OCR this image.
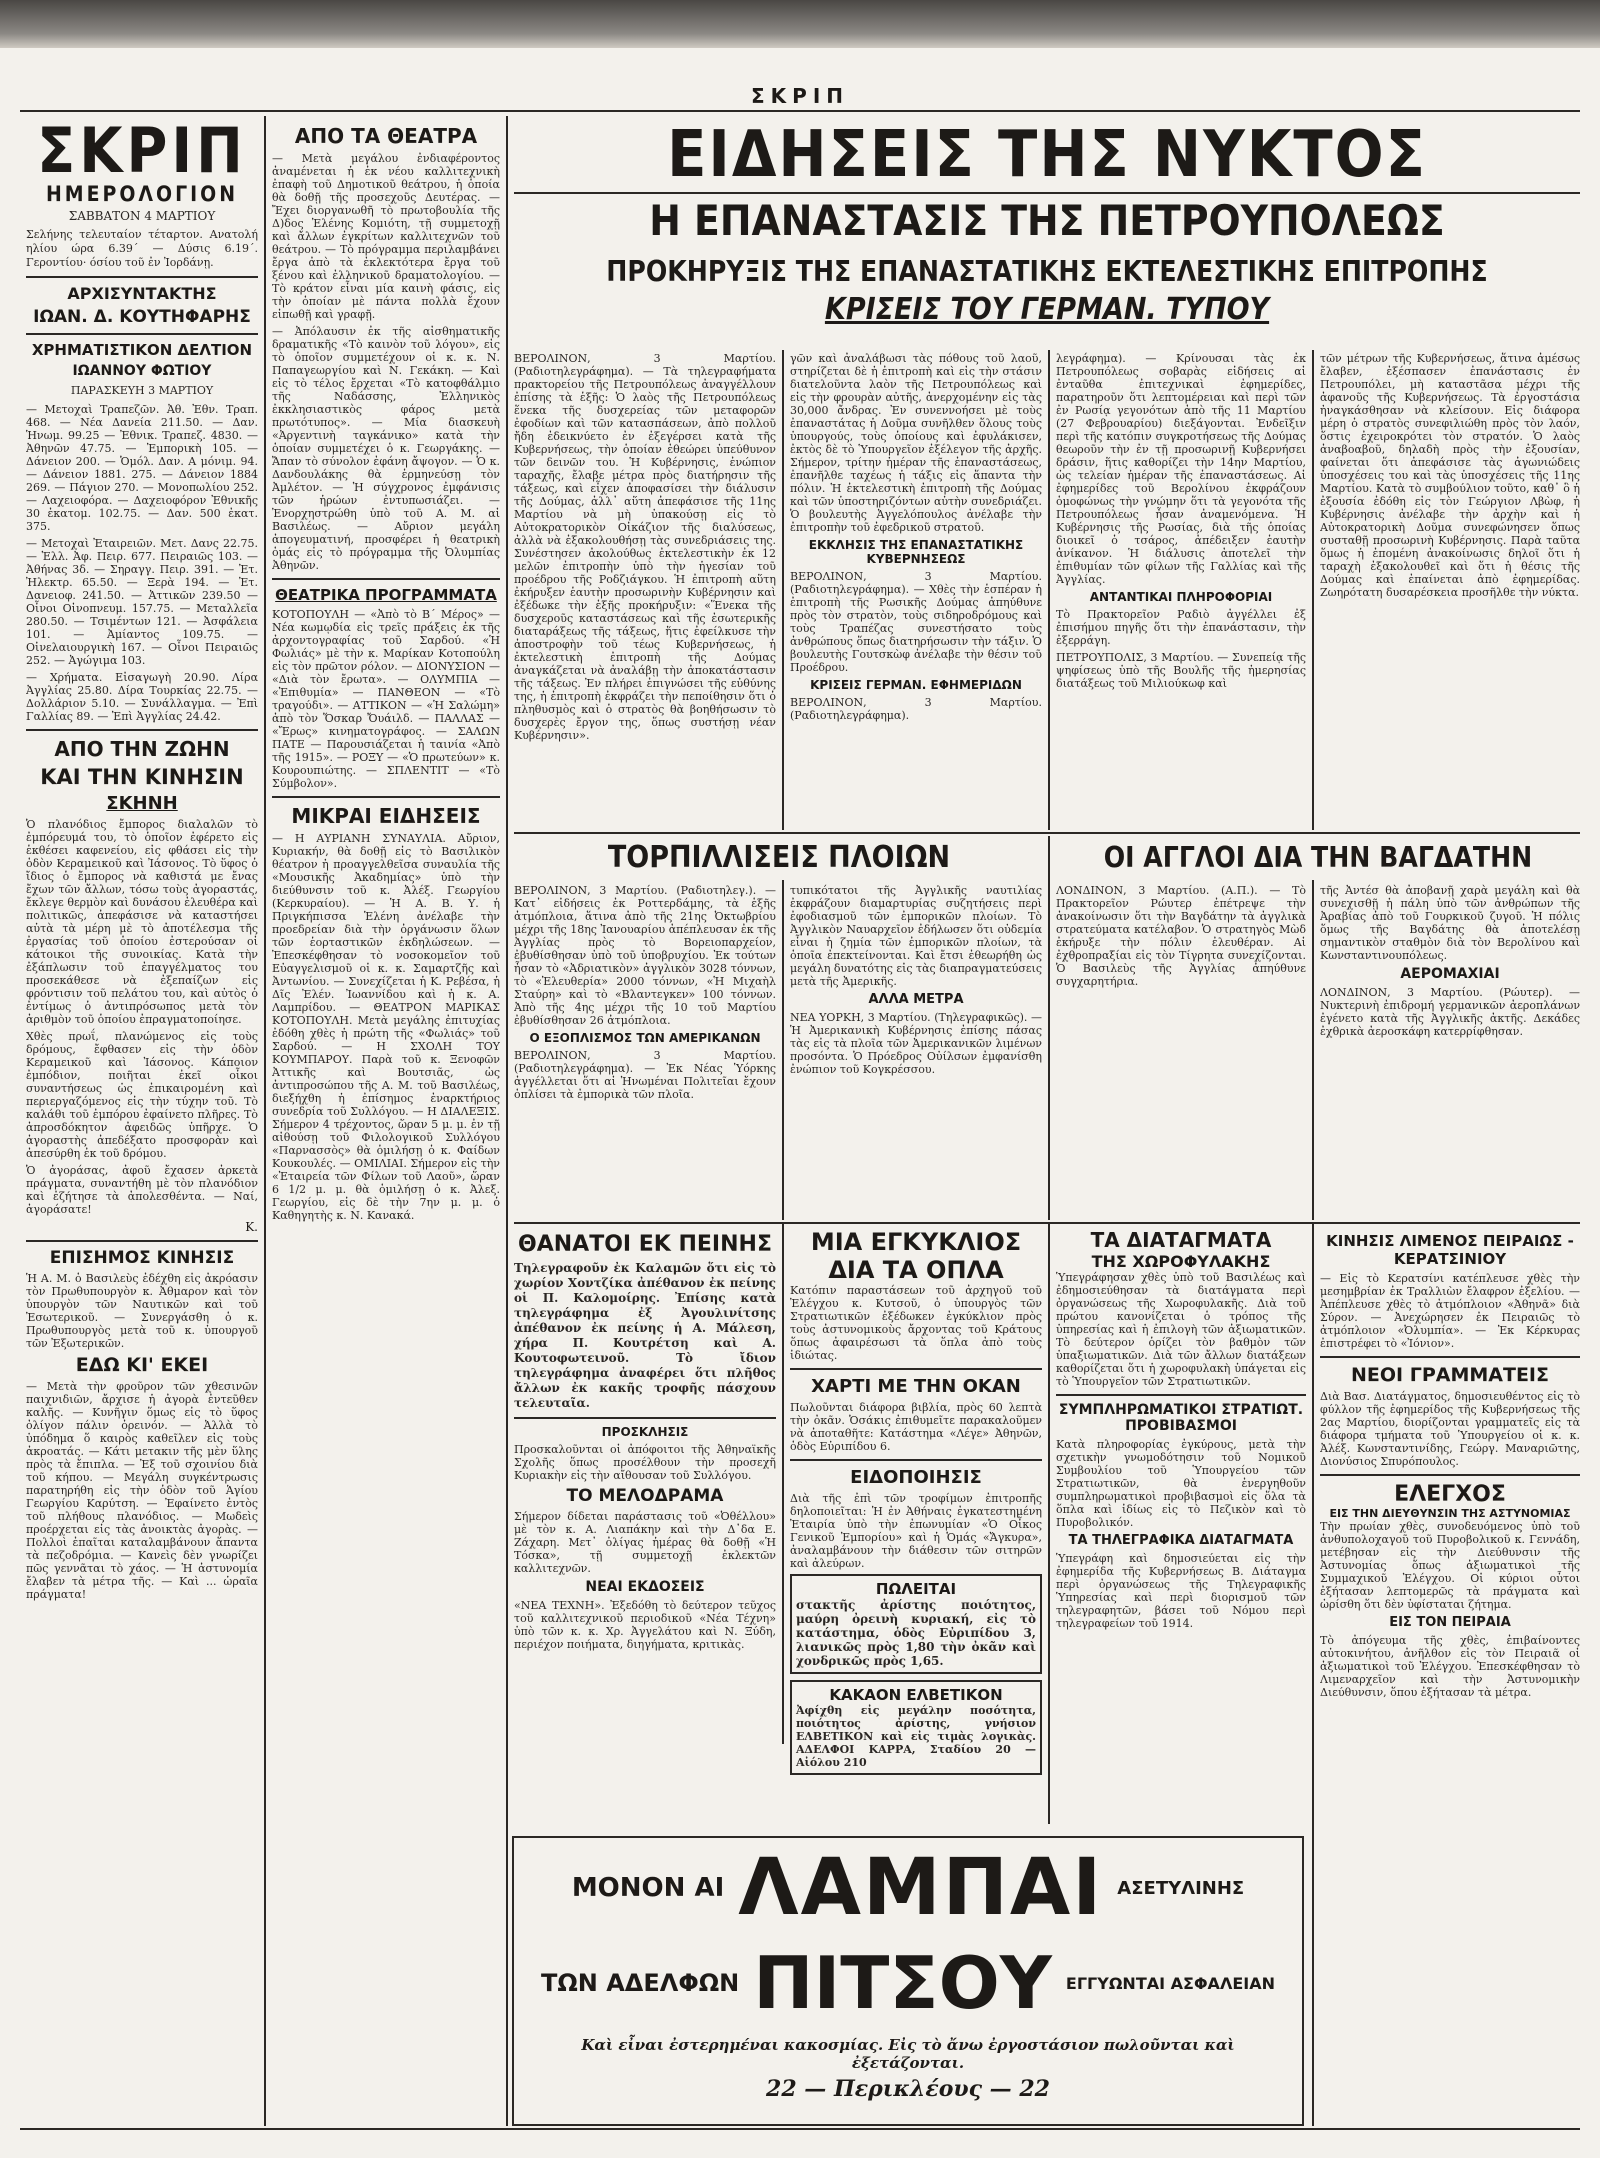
ΣΚΡΙΠ
ΣΚΡΙΠ
ΗΜΕΡΟΛΟΓΙΟΝ
ΣΑΒΒΑΤΟΝ 4 ΜΑΡΤΙΟΥ

Σελήνης τελευταίον τέταρτον. Ανατολή ηλίου ώρα 6.39΄ — Δύσις 6.19΄. Γεροντίου· όσίου τοῦ ἐν Ἰορδάνῃ.

ΑΡΧΙΣΥΝΤΑΚΤΗΣ
ΙΩΑΝ. Δ. ΚΟΥΤΗΦΑΡΗΣ
ΧΡΗΜΑΤΙΣΤΙΚΟΝ ΔΕΛΤΙΟΝ
ΙΩΑΝΝΟΥ ΦΩΤΙΟΥ
ΠΑΡΑΣΚΕΥΗ 3 ΜΑΡΤΙΟΥ

— Μετοχαὶ Τραπεζῶν. Ἀθ. Ἐθν. Τραπ. 468. — Νέα Δανεία 211.50. — Δαν. Ἡνωμ. 99.25 — Ἐθνικ. Τραπεζ. 4830. — Ἀθηνῶν 47.75. — Ἐμπορικὴ 105. — Δάνειον 200. — Ὁμόλ. Δαν. Α μόνιμ. 94. — Δάνειον 1881. 275. — Δάνειον 1884 269. — Πάγιον 270. — Μονοπωλίου 252. — Λαχειοφόρα. — Δαχειοφόρον Ἐθνικῆς 30 ἐκατομ. 102.75. — Δαν. 500 ἐκατ. 375.

— Μετοχαὶ Ἐταιρειῶν. Μετ. Δανς 22.75. — Ἑλλ. Ἀφ. Πειρ. 677. Πειραιῶς 103. — Ἀθήνας 3δ. — Σηραγγ. Πειρ. 391. — Ἐτ. Ἠλεκτρ. 65.50. — Ξερὰ 194. — Ἐτ. Δανειοφ. 241.50. — Ἀττικῶν 239.50 — Οἶνοι Οἰνοπνευμ. 157.75. — Μεταλλεῖα 280.50. — Τσιμέντων 121. — Ἀσφάλεια 101. — Ἀμίαντος 109.75. — Οἰνελαιουργικὴ 167. — Οἶνοι Πειραιῶς 252. — Ἀγώγιμα 103.

— Χρήματα. Εἰσαγωγὴ 20.90. Λίρα Ἀγγλίας 25.80. Δίρα Τουρκίας 22.75. — Δολλάριον 5.10. — Συνάλλαγμα. — Ἐπὶ Γαλλίας 89. — Ἐπὶ Ἀγγλίας 24.42.

ΑΠΟ ΤΗΝ ΖΩΗΝ
ΚΑΙ ΤΗΝ ΚΙΝΗΣΙΝ
ΣΚΗΝΗ

Ὁ πλανόδιος ἔμπορος διαλαλῶν τὸ ἐμπόρευμά του, τὸ ὁποῖον ἐφέρετο εἰς ἑκθέσει καφενείου, εἰς φθάσει εἰς τὴν ὁδὸν Κεραμεικοῦ καὶ Ἰάσονος. Τὸ ὕφος ὁ ἴδιος ὁ ἔμπορος νὰ καθιστά με ἔνας ἔχων τῶν ἄλλων, τόσω τοὺς ἀγοραστάς, ἔκλεγε θερμὸν καὶ δυνάσου ἐλευθέρα καὶ πολιτικῶς, ἀπεφάσισε νὰ καταστήσει αὐτὰ τὰ μέρη μὲ τὸ ἀποτέλεσμα τῆς ἐργασίας τοῦ ὁποίου ἐστερούσαν οἱ κάτοικοι τῆς συνοικίας. Κατὰ τὴν ἐξάπλωσιν τοῦ ἐπαγγέλματος του προσεκάθεσε νὰ ἐξεπαίζων εἰς φρόντισιν τοῦ πελάτου του, καὶ αὐτὸς ὁ ἐντίμως ὁ ἀντιπρόσωπος μετὰ τὸν ἀριθμὸν τοῦ ὁποίου ἐπραγματοποίησε.

Χθὲς πρωΐ, πλανώμενος εἰς τοὺς δρόμους, ἔφθασεν εἰς τὴν ὁδὸν Κεραμεικοῦ καὶ Ἰάσονος. Κάποιον ἐμπόδιον, ποιῆται ἐκεῖ οἶκοι συναντήσεως ὡς ἐπικαιρομένη καὶ περιεργαζόμενος εἰς τὴν τύχην τοῦ. Τὸ καλάθι τοῦ ἐμπόρου ἐφαίνετο πλῆρες. Τὸ ἀπροσδόκητον ἀφειδῶς ὑπῆρχε. Ὁ ἀγοραστὴς ἀπεδέξατο προσφορὰν καὶ ἀπεσύρθη ἐκ τοῦ δρόμου.

Ὁ ἀγοράσας, ἀφοῦ ἔχασεν ἀρκετὰ πράγματα, συναντήθη μὲ τὸν πλανόδιον καὶ ἐζήτησε τὰ ἀπολεσθέντα. — Ναί, ἀγοράσατε!

Κ.
ΕΠΙΣΗΜΟΣ ΚΙΝΗΣΙΣ

Ἡ Α. Μ. ὁ Βασιλεὺς ἐδέχθη εἰς ἀκρόασιν τὸν Πρωθυπουργὸν κ. Ἀθμαρον καὶ τὸν ὑπουργὸν τῶν Ναυτικῶν καὶ τοῦ Ἐσωτερικοῦ. — Συνεργάσθη ὁ κ. Πρωθυπουργὸς μετὰ τοῦ κ. ὑπουργοῦ τῶν Ἐξωτερικῶν.

ΕΔΩ ΚΙ' ΕΚΕΙ

— Μετὰ τὴν φροῦρον τῶν χθεσινῶν παιχνιδιῶν, ἄρχισε ἡ ἀγορὰ ἐντεῦθεν καλῆς. — Κυνῆγιν ὅμως εἰς τὸ ὕφος ὀλίγον πάλιν ὀρεινόν. — Ἀλλὰ τὸ ὑπόδημα ὅ καιρὸς καθεῖλεν εἰς τοὺς ἀκροατάς. — Κάτι μετακιν τῆς μὲν ὕλης πρὸς τὰ ἔπιπλα. — Ἐξ τοῦ σχοινίου διὰ τοῦ κήπου. — Μεγάλη συγκέντρωσις παρατηρήθη εἰς τὴν ὁδὸν τοῦ Ἁγίου Γεωργίου Καρύτση. — Ἐφαίνετο ἐντὸς τοῦ πλήθους πλανόδιος. — Μωδεὶς προέρχεται εἰς τὰς ἀνοικτὰς ἀγορὰς. — Πολλοὶ ἐπαῖται καταλαμβάνουν ἅπαντα τὰ πεζοδρόμια. — Κανεὶς δὲν γνωρίζει πῶς γεννᾶται τὸ χάος. — Ἡ ἀστυνομία ἔλαβεν τὰ μέτρα τῆς. — Καὶ ... ὡραῖα πράγματα!

ΑΠΟ ΤΑ ΘΕΑΤΡΑ

— Μετὰ μεγάλου ἐνδιαφέροντος ἀναμένεται ἡ ἐκ νέου καλλιτεχνικὴ ἐπαφὴ τοῦ Δημοτικοῦ θεάτρου, ἡ ὁποία θὰ δοθῇ τῆς προσεχοῦς Δευτέρας. — Ἔχει διοργανωθῆ τὸ πρωτοβουλία τῆς Δ)δος Ἐλένης Κομιότη, τῇ συμμετοχῇ καὶ ἄλλων ἐγκρίτων καλλιτεχνῶν τοῦ θεάτρου. — Τὸ πρόγραμμα περιλαμβάνει ἔργα ἀπὸ τὰ ἐκλεκτότερα ἔργα τοῦ ξένου καὶ ἐλληνικοῦ δραματολογίου. — Τὸ κράτον εἶναι μία καινὴ φάσις, εἰς τὴν ὁποίαν μὲ πάντα πολλὰ ἔχουν εἰπωθῇ καὶ γραφῇ.

— Ἀπόλαυσιν ἐκ τῆς αἰσθηματικῆς δραματικῆς «Τὸ καινὸν τοῦ λόγου», εἰς τὸ ὁποῖον συμμετέχουν οἱ κ. κ. Ν. Παπαγεωργίου καὶ Ν. Γεκάκη. — Καὶ εἰς τὸ τέλος ἔρχεται «Τὸ κατοφθάλμιο τῆς Ναδάσσης, Ἑλληνικὸς ἐκκλησιαστικὸς φάρος μετὰ πρωτότυπος». — Μία διασκευὴ «Ἀργεντινὴ ταγκάνικο» κατὰ τὴν ὁποίαν συμμετέχει ὁ κ. Γεωργάκης. — Ἄπαν τὸ σύνολον ἐφάνη ἄψογον. — Ὁ κ. Δανδουλάκης θὰ ἑρμηνεύσῃ τὸν Ἀμλέτον. — Ἡ σύγχρονος ἐμφάνισις τῶν ἡρώων ἐντυπωσιάζει. — Ἐνορχηστρώθη ὑπὸ τοῦ Α. Μ. αἱ Βασιλέως. — Αὔριον μεγάλη ἀπογευματινή, προσφέρει ἡ θεατρικὴ ὁμάς εἰς τὸ πρόγραμμα τῆς Ὀλυμπίας Ἀθηνῶν.

ΘΕΑΤΡΙΚΑ ΠΡΟΓΡΑΜΜΑΤΑ

ΚΟΤΟΠΟΥΛΗ — «Ἀπὸ τὸ Β΄ Μέρος» — Νέα κωμῳδία εἰς τρεῖς πράξεις ἐκ τῆς ἀρχοντογραφίας τοῦ Σαρδού. «Ἡ Φωλιάς» μὲ τὴν κ. Μαρίκαν Κοτοπούλη εἰς τὸν πρῶτον ρόλον. — ΔΙΟΝΥΣΙΟΝ — «Διὰ τὸν ἔρωτα». — ΟΛΥΜΠΙΑ — «Ἐπιθυμία» — ΠΑΝΘΕΟΝ — «Τὸ τραγούδι». — ΑΤΤΙΚΟΝ — «Ἡ Σαλώμη» ἀπὸ τὸν Ὅσκαρ Ὄυάιλδ. — ΠΑΛΛΑΣ — «Ἔρως» κινηματογράφος. — ΣΑΛΩΝ ΠΑΤΕ — Παρουσιάζεται ἡ ταινία «Ἀπὸ τῆς 1915». — ΡΟΞΥ — «Ὁ πρωτεύων» κ. Κουρουπιώτης. — ΣΠΛΕΝΤΙΤ — «Τὸ Σύμβολον».

ΜΙΚΡΑΙ ΕΙΔΗΣΕΙΣ

— Η ΑΥΡΙΑΝΗ ΣΥΝΑΥΛΙΑ. Αὔριον, Κυριακήν, θὰ δοθῇ εἰς τὸ Βασιλικὸν θέατρον ἡ προαγγελθεῖσα συναυλία τῆς «Μουσικῆς Ἀκαδημίας» ὑπὸ τὴν διεύθυνσιν τοῦ κ. Ἀλέξ. Γεωργίου (Κερκυραίου). — Ἡ Α. Β. Υ. ἡ Πριγκήπισσα Ἑλένη ἀνέλαβε τὴν προεδρείαν διὰ τὴν ὀργάνωσιν ὅλων τῶν ἑορταστικῶν ἐκδηλώσεων. — Ἐπεσκέφθησαν τὸ νοσοκομεῖον τοῦ Εὐαγγελισμοῦ οἱ κ. κ. Σαμαρτζῆς καὶ Ἀντωνίου. — Συνεχίζεται ἡ Κ. Ρεβέσα, ἡ Δῖς Ἐλέν. Ἰωαννίδου καὶ ἡ κ. Α. Λαμπρίδου. — ΘΕΑΤΡΟΝ ΜΑΡΙΚΑΣ ΚΟΤΟΠΟΥΛΗ. Μετὰ μεγάλης ἐπιτυχίας ἐδόθη χθὲς ἡ πρώτη τῆς «Φωλιάς» τοῦ Σαρδού. — Η ΣΧΟΛΗ ΤΟΥ ΚΟΥΜΠΑΡΟΥ. Παρὰ τοῦ κ. Ξενοφῶν Ἀττικῆς καὶ Βουτσιᾶς, ὡς ἀντιπροσώπου τῆς Α. Μ. τοῦ Βασιλέως, διεξήχθη ἡ ἐπίσημος ἐναρκτήριος συνεδρία τοῦ Συλλόγου. — Η ΔΙΑΛΕΞΙΣ. Σήμερον 4 τρέχοντος, ὥραν 5 μ. μ. ἐν τῇ αἰθούσῃ τοῦ Φιλολογικοῦ Συλλόγου «Παρνασσὸς» θὰ ὁμιλήσῃ ὁ κ. Φαίδων Κουκουλές. — ΟΜΙΛΙΑΙ. Σήμερον εἰς τὴν «Ἑταιρεία τῶν Φίλων τοῦ Λαοῦ», ὥραν 6 1/2 μ. μ. θὰ ὁμιλήσῃ ὁ κ. Ἀλεξ. Γεωργίου, εἰς δὲ τὴν 7ην μ. μ. ὁ Καθηγητὴς κ. Ν. Κανακά.

ΕΙΔΗΣΕΙΣ ΤΗΣ ΝΥΚΤΟΣ
Η ΕΠΑΝΑΣΤΑΣΙΣ ΤΗΣ ΠΕΤΡΟΥΠΟΛΕΩΣ
ΠΡΟΚΗΡΥΞΙΣ ΤΗΣ ΕΠΑΝΑΣΤΑΤΙΚΗΣ ΕΚΤΕΛΕΣΤΙΚΗΣ ΕΠΙΤΡΟΠΗΣ
ΚΡΙΣΕΙΣ ΤΟΥ ΓΕΡΜΑΝ. ΤΥΠΟΥ

ΒΕΡΟΛΙΝΟΝ, 3 Μαρτίου. (Ραδιοτηλεγράφημα). — Τὰ τηλεγραφήματα πρακτορείου τῆς Πετρουπόλεως ἀναγγέλλουν ἐπίσης τὰ ἑξῆς: Ὁ λαὸς τῆς Πετρουπόλεως ἕνεκα τῆς δυσχερείας τῶν μεταφορῶν ἐφοδίων καὶ τῶν κατασπάσεων, ἀπὸ πολλοῦ ἤδη ἐδεικνύετο ἐν ἐξεγέρσει κατὰ τῆς Κυβερνήσεως, τὴν ὁποίαν ἐθεώρει ὑπεύθυνον τῶν δεινῶν του. Ἡ Κυβέρνησις, ἐνώπιον ταραχῆς, ἔλαβε μέτρα πρὸς διατήρησιν τῆς τάξεως, καὶ εἶχεν ἀποφασίσει τὴν διάλυσιν τῆς Δούμας, ἀλλ᾿ αὕτη ἀπεφάσισε τῆς 11ης Μαρτίου νὰ μὴ ὑπακούσῃ εἰς τὸ Αὐτοκρατορικὸν Οἰκάζιον τῆς διαλύσεως, ἀλλὰ νὰ ἐξακολουθήσῃ τὰς συνεδριάσεις της. Συνέστησεν ἀκολούθως ἐκτελεστικὴν ἐκ 12 μελῶν ἐπιτροπὴν ὑπὸ τὴν ἡγεσίαν τοῦ προέδρου τῆς Ροδζιάγκου. Ἡ ἐπιτροπὴ αὕτη ἐκήρυξεν ἑαυτὴν προσωρινὴν Κυβέρνησιν καὶ ἐξέδωκε τὴν ἑξῆς προκήρυξιν: «Ἕνεκα τῆς δυσχεροῦς καταστάσεως καὶ τῆς ἐσωτερικῆς διαταράξεως τῆς τάξεως, ἥτις ἐφείλκυσε τὴν ἀποστροφὴν τοῦ τέως Κυβερνήσεως, ἡ ἐκτελεστικὴ ἐπιτροπὴ τῆς Δούμας ἀναγκάζεται νὰ ἀναλάβῃ τὴν ἀποκατάστασιν τῆς τάξεως. Ἐν πλήρει ἐπιγνώσει τῆς εὐθύνης της, ἡ ἐπιτροπὴ ἐκφράζει τὴν πεποίθησιν ὅτι ὁ πληθυσμὸς καὶ ὁ στρατὸς θὰ βοηθήσωσιν τὸ δυσχερὲς ἔργον της, ὅπως συστήσῃ νέαν Κυβέρνησιν».

γῶν καὶ ἀναλάβωσι τὰς πόθους τοῦ λαοῦ, στηρίζεται δὲ ἡ ἐπιτροπὴ καὶ εἰς τὴν στάσιν διατελοῦντα λαὸν τῆς Πετρουπόλεως καὶ εἰς τὴν φρουρὰν αὐτῆς, ἀνερχομένην εἰς τὰς 30,000 ἄνδρας. Ἐν συνεννοήσει μὲ τοὺς ἐπαναστάτας ἡ Δοῦμα συνῆλθεν ὅλους τοὺς ὑπουργούς, τοὺς ὁποίους καὶ ἐφυλάκισεν, ἐκτὸς δὲ τὸ Ὑπουργεῖον ἐξέλεγον τῆς ἀρχῆς. Σήμερον, τρίτην ἡμέραν τῆς ἐπαναστάσεως, ἐπανῆλθε ταχέως ἡ τάξις εἰς ἅπαντα τὴν πόλιν. Ἡ ἐκτελεστικὴ ἐπιτροπὴ τῆς Δούμας καὶ τῶν ὑποστηριζόντων αὐτὴν συνεδριάζει. Ὁ βουλευτὴς Ἀγγελόπουλος ἀνέλαβε τὴν ἐπιτροπὴν τοῦ ἐφεδρικοῦ στρατοῦ.

ΕΚΚΛΗΣΙΣ ΤΗΣ ΕΠΑΝΑΣΤΑΤΙΚΗΣ ΚΥΒΕΡΝΗΣΕΩΣ

ΒΕΡΟΛΙΝΟΝ, 3 Μαρτίου. (Ραδιοτηλεγράφημα). — Χθὲς τὴν ἑσπέραν ἡ ἐπιτροπὴ τῆς Ρωσικῆς Δούμας ἀπηύθυνε πρὸς τὸν στρατὸν, τοὺς σιδηροδρόμους καὶ τοὺς Τραπέζας συνεστήσατο τοὺς ἀνθρώπους ὅπως διατηρήσωσιν τὴν τάξιν. Ὁ βουλευτὴς Γουτσκὼφ ἀνέλαβε τὴν θέσιν τοῦ Προέδρου.

ΚΡΙΣΕΙΣ ΓΕΡΜΑΝ. ΕΦΗΜΕΡΙΔΩΝ

ΒΕΡΟΛΙΝΟΝ, 3 Μαρτίου. (Ραδιοτηλεγράφημα).

λεγράφημα). — Κρίνουσαι τὰς ἐκ Πετρουπόλεως σοβαρὰς εἰδήσεις αἱ ἐνταῦθα ἐπιτεχνικαὶ ἐφημερίδες, παρατηροῦν ὅτι λεπτομέρειαι καὶ περὶ τῶν ἐν Ρωσίᾳ γεγονότων ἀπὸ τῆς 11 Μαρτίου (27 Φεβρουαρίου) διεξάγονται. Ἐνδεῖξιν περὶ τῆς κατόπιν συγκροτήσεως τῆς Δούμας θεωροῦν τὴν ἐν τῇ προσωρινῇ Κυβερνήσει δράσιν, ἥτις καθορίζει τὴν 14ην Μαρτίου, ὡς τελείαν ἡμέραν τῆς ἐπαναστάσεως. Αἱ ἐφημερίδες τοῦ Βερολίνου ἐκφράζουν ὁμοφώνως τὴν γνώμην ὅτι τὰ γεγονότα τῆς Πετρουπόλεως ἦσαν ἀναμενόμενα. Ἡ Κυβέρνησις τῆς Ρωσίας, διὰ τῆς ὁποίας διοικεῖ ὁ τσάρος, ἀπέδειξεν ἑαυτὴν ἀνίκανον. Ἡ διάλυσις ἀποτελεῖ τὴν ἐπιθυμίαν τῶν φίλων τῆς Γαλλίας καὶ τῆς Ἀγγλίας.

ΑΝΤΑΝΤΙΚΑΙ ΠΛΗΡΟΦΟΡΙΑΙ

Τὸ Πρακτορεῖον Ραδιὸ ἀγγέλλει ἐξ ἐπισήμου πηγῆς ὅτι τὴν ἐπανάστασιν, τὴν ἐξερράγη.

ΠΕΤΡΟΥΠΟΛΙΣ, 3 Μαρτίου. — Συνεπείᾳ τῆς ψηφίσεως ὑπὸ τῆς Βουλῆς τῆς ἡμερησίας διατάξεως τοῦ Μιλιούκωφ καὶ

τῶν μέτρων τῆς Κυβερνήσεως, ἅτινα ἀμέσως ἔλαβεν, ἐξέσπασεν ἐπανάστασις ἐν Πετρουπόλει, μὴ καταστᾶσα μέχρι τῆς ἀφανοῦς τῆς Κυβερνήσεως. Τὰ ἐργοστάσια ἠναγκάσθησαν νὰ κλείσουν. Εἰς διάφορα μέρη ὁ στρατὸς συνεφιλιώθη πρὸς τὸν λαόν, ὅστις ἐχειροκρότει τὸν στρατόν. Ὁ λαὸς ἀναβοαβοῦ, δηλαδὴ πρὸς τὴν ἐξουσίαν, φαίνεται ὅτι ἀπεφάσισε τὰς ἀγωνιώδεις ὑποσχέσεις του καὶ τὰς ὑποσχέσεις τῆς 11ης Μαρτίου. Κατὰ τὸ συμβούλιον τοῦτο, καθ᾿ ὃ ἡ ἐξουσία ἐδόθη εἰς τὸν Γεώργιον Λβὼφ, ἡ Κυβέρνησις ἀνέλαβε τὴν ἀρχὴν καὶ ἡ Αὐτοκρατορικὴ Δοῦμα συνεφώνησεν ὅπως συσταθῇ προσωρινὴ Κυβέρνησις. Παρὰ ταῦτα ὅμως ἡ ἐπομένη ἀνακοίνωσις δηλοῖ ὅτι ἡ ταραχὴ ἐξακολουθεῖ καὶ ὅτι ἡ θέσις τῆς Δούμας καὶ ἐπαίνεται ἀπὸ ἐφημερίδας. Ζωηρότατη δυσαρέσκεια προσῆλθε τὴν νύκτα.

ΤΟΡΠΙΛΛΙΣΕΙΣ ΠΛΟΙΩΝ	ΟΙ ΑΓΓΛΟΙ ΔΙΑ ΤΗΝ ΒΑΓΔΑΤΗΝ

ΒΕΡΟΛΙΝΟΝ, 3 Μαρτίου. (Ραδιοτηλεγ.). — Κατ᾿ εἰδήσεις ἐκ Ροττερδάμης, τὰ ἑξῆς ἀτμόπλοια, ἅτινα ἀπὸ τῆς 21ης Ὀκτωβρίου μέχρι τῆς 18ης Ἰανουαρίου ἀπέπλευσαν ἐκ τῆς Ἀγγλίας πρὸς τὸ Βορειοπαρχείον, ἐβυθίσθησαν ὑπὸ τοῦ ὑποβρυχίου. Ἐκ τούτων ἦσαν τὸ «Ἀδριατικὸν» ἀγγλικὸν 3028 τόννων, τὸ «Ἐλευθερία» 2000 τόννων, «Ἡ Μιχαὴλ Σταύρη» καὶ τὸ «Βλαντεγκεν» 100 τόννων. Ἀπὸ τῆς 4ης μέχρι τῆς 10 τοῦ Μαρτίου ἐβυθίσθησαν 26 ἀτμόπλοια.

Ο ΕΞΟΠΛΙΣΜΟΣ ΤΩΝ ΑΜΕΡΙΚΑΝΩΝ

ΒΕΡΟΛΙΝΟΝ, 3 Μαρτίου. (Ραδιοτηλεγράφημα). — Ἐκ Νέας Ὑόρκης ἀγγέλλεται ὅτι αἱ Ἡνωμέναι Πολιτεῖαι ἔχουν ὁπλίσει τὰ ἐμπορικὰ τῶν πλοῖα.

τυπικότατοι τῆς Ἀγγλικῆς ναυτιλίας ἐκφράζουν διαμαρτυρίας συζητήσεις περὶ ἐφοδιασμοῦ τῶν ἐμπορικῶν πλοίων. Τὸ Ἀγγλικὸν Ναυαρχεῖον ἐδήλωσεν ὅτι οὐδεμία εἶναι ἡ ζημία τῶν ἐμπορικῶν πλοίων, τὰ ὁποῖα ἐπεκτείνονται. Καὶ ἔτσι ἐθεωρήθη ὡς μεγάλη δυνατότης εἰς τὰς διαπραγματεύσεις μετὰ τῆς Ἀμερικῆς.

ΑΛΛΑ ΜΕΤΡΑ

ΝΕΑ ΥΟΡΚΗ, 3 Μαρτίου. (Τηλεγραφικῶς). — Ἡ Ἀμερικανικὴ Κυβέρνησις ἐπίσης πάσας τὰς εἰς τὰ πλοῖα τῶν Ἀμερικανικῶν λιμένων προσόντα. Ὁ Πρόεδρος Οὐίλσων ἐμφανίσθη ἐνώπιον τοῦ Κογκρέσσου.

ΛΟΝΔΙΝΟΝ, 3 Μαρτίου. (Α.Π.). — Τὸ Πρακτορεῖον Ρώυτερ ἐπέτρεψε τὴν ἀνακοίνωσιν ὅτι τὴν Βαγδάτην τὰ ἀγγλικὰ στρατεύματα κατέλαβον. Ὁ στρατηγὸς Μὼδ ἐκήρυξε τὴν πόλιν ἐλευθέραν. Αἱ ἐχθροπραξίαι εἰς τὸν Τίγρητα συνεχίζονται. Ὁ Βασιλεὺς τῆς Ἀγγλίας ἀπηύθυνε συγχαρητήρια.

τῆς Ἀντέσ θὰ ἀποβανῇ χαρὰ μεγάλη καὶ θὰ συνεχισθῇ ἡ πάλη ὑπὸ τῶν ἀνθρώπων τῆς Ἀραβίας ἀπὸ τοῦ Γουρκικοῦ ζυγοῦ. Ἡ πόλις ὅμως τῆς Βαγδάτης θὰ ἀποτελέσῃ σημαντικὸν σταθμὸν διὰ τὸν Βερολίνου καὶ Κωνσταντινουπόλεως.

ΑΕΡΟΜΑΧΙΑΙ

ΛΟΝΔΙΝΟΝ, 3 Μαρτίου. (Ρώυτερ). — Νυκτερινὴ ἐπιδρομή γερμανικῶν ἀεροπλάνων ἐγένετο κατὰ τῆς Ἀγγλικῆς ἀκτῆς. Δεκάδες ἐχθρικὰ ἀεροσκάφη κατερρίφθησαν.

ΘΑΝΑΤΟΙ ΕΚ ΠΕΙΝΗΣ

Τηλεγραφοῦν ἐκ Καλαμῶν ὅτι εἰς τὸ χωρίον Χοντζίκα ἀπέθανον ἐκ πείνης οἱ Π. Καλομοίρης. Ἐπίσης κατὰ τηλεγράφημα ἐξ Ἀγουλινίτσης ἀπέθανον ἐκ πείνης ἡ Α. Μάλεση, χήρα Π. Κουτρέτση καὶ Α. Κουτοφωτεινοῦ. Τὸ ἴδιον τηλεγράφημα ἀναφέρει ὅτι πλῆθος ἄλλων ἐκ κακῆς τροφῆς πάσχουν τελευταῖα.

ΠΡΟΣΚΛΗΣΙΣ

Προσκαλοῦνται οἱ ἀπόφοιτοι τῆς Ἀθηναϊκῆς Σχολῆς ὅπως προσέλθουν τὴν προσεχῆ Κυριακὴν εἰς τὴν αἴθουσαν τοῦ Συλλόγου.

ΤΟ ΜΕΛΟΔΡΑΜΑ

Σήμερον δίδεται παράστασις τοῦ «Ὀθέλλου» μὲ τὸν κ. Α. Λιαπάκην καὶ τὴν Δ᾿δα Ε. Ζάχαρη. Μετ᾿ ὀλίγας ἡμέρας θὰ δοθῇ «Ἡ Τόσκα», τῇ συμμετοχῇ ἐκλεκτῶν καλλιτεχνῶν.

ΝΕΑΙ ΕΚΔΟΣΕΙΣ

«ΝΕΑ ΤΕΧΝΗ». Ἐξεδόθη τὸ δεύτερον τεῦχος τοῦ καλλιτεχνικοῦ περιοδικοῦ «Νέα Τέχνη» ὑπὸ τῶν κ. κ. Χρ. Ἀγγελάτου καὶ Ν. Ξύδη, περιέχον ποιήματα, διηγήματα, κριτικὰς.

ΜΙΑ ΕΓΚΥΚΛΙΟΣ
ΔΙΑ ΤΑ ΟΠΛΑ

Κατόπιν παραστάσεων τοῦ ἀρχηγοῦ τοῦ Ἐλέγχου κ. Κυτσοῦ, ὁ ὑπουργὸς τῶν Στρατιωτικῶν ἐξέδωκεν ἐγκύκλιον πρὸς τοὺς ἀστυνομικοὺς ἄρχοντας τοῦ Κράτους ὅπως ἀφαιρέσωσι τὰ ὅπλα ἀπὸ τοὺς ἰδιώτας.

ΧΑΡΤΙ ΜΕ ΤΗΝ ΟΚΑΝ

Πωλοῦνται διάφορα βιβλία, πρὸς 60 λεπτὰ τὴν ὀκᾶν. Ὁσάκις ἐπιθυμεῖτε παρακαλοῦμεν νὰ ἀποταθῆτε: Κατάστημα «Λέγε» Ἀθηνῶν, ὁδὸς Εὐριπίδου 6.

ΕΙΔΟΠΟΙΗΣΙΣ

Διὰ τῆς ἐπὶ τῶν τροφίμων ἐπιτροπῆς δηλοποιεῖται: Ἡ ἐν Ἀθήναις ἐγκατεστημένη Ἐταιρία ὑπὸ τὴν ἐπωνυμίαν «Ὁ Οἶκος Γενικοῦ Ἐμπορίου» καὶ ἡ Ὁμάς «Ἄγκυρα», ἀναλαμβάνουν τὴν διάθεσιν τῶν σιτηρῶν καὶ ἀλεύρων.

ΠΩΛΕΙΤΑΙ

στακτῆς ἀρίστης ποιότητος, μαύρη ὀρεινὴ κυριακή, εἰς τὸ κατάστημα, ὁδὸς Εὐριπίδου 3, λιανικῶς πρὸς 1,80 τὴν ὀκᾶν καὶ χονδρικῶς πρὸς 1,65.

ΚΑΚΑΟΝ ΕΛΒΕΤΙΚΟΝ

Ἀφίχθη εἰς μεγάλην ποσότητα, ποιότητος ἀρίστης, γνήσιον ΕΛΒΕΤΙΚΟΝ καὶ εἰς τιμὰς λογικὰς. ΑΔΕΛΦΟΙ ΚΑΡΡΑ, Σταδίου 20 — Αἰόλου 210

ΤΑ ΔΙΑΤΑΓΜΑΤΑ
ΤΗΣ ΧΩΡΟΦΥΛΑΚΗΣ

Ὑπεγράφησαν χθὲς ὑπὸ τοῦ Βασιλέως καὶ ἐδημοσιεύθησαν τὰ διατάγματα περὶ ὀργανώσεως τῆς Χωροφυλακῆς. Διὰ τοῦ πρώτου κανονίζεται ὁ τρόπος τῆς ὑπηρεσίας καὶ ἡ ἐπιλογὴ τῶν ἀξιωματικῶν. Τὸ δεύτερον ὁρίζει τὸν βαθμὸν τῶν ὑπαξιωματικῶν. Διὰ τῶν ἄλλων διατάξεων καθορίζεται ὅτι ἡ χωροφυλακὴ ὑπάγεται εἰς τὸ Ὑπουργεῖον τῶν Στρατιωτικῶν.

ΣΥΜΠΛΗΡΩΜΑΤΙΚΟΙ ΣΤΡΑΤΙΩΤ. ΠΡΟΒΙΒΑΣΜΟΙ

Κατὰ πληροφορίας ἐγκύρους, μετὰ τὴν σχετικὴν γνωμοδότησιν τοῦ Νομικοῦ Συμβουλίου τοῦ Ὑπουργείου τῶν Στρατιωτικῶν, θὰ ἐνεργηθοῦν συμπληρωματικοὶ προβιβασμοὶ εἰς ὅλα τὰ ὅπλα καὶ ἰδίως εἰς τὸ Πεζικὸν καὶ τὸ Πυροβολικόν.

ΤΑ ΤΗΛΕΓΡΑΦΙΚΑ ΔΙΑΤΑΓΜΑΤΑ

Ὑπεγράφη καὶ δημοσιεύεται εἰς τὴν ἐφημερίδα τῆς Κυβερνήσεως Β. Διάταγμα περὶ ὀργανώσεως τῆς Τηλεγραφικῆς Ὑπηρεσίας καὶ περὶ διορισμοῦ τῶν τηλεγραφητῶν, βάσει τοῦ Νόμου περὶ τηλεγραφείων τοῦ 1914.

ΚΙΝΗΣΙΣ ΛΙΜΕΝΟΣ ΠΕΙΡΑΙΩΣ - ΚΕΡΑΤΣΙΝΙΟΥ

— Εἰς τὸ Κερατσίνι κατέπλευσε χθὲς τὴν μεσημβρίαν ἐκ Τραλλιὼν ἔλαφρον ἐξελίου. — Ἀπέπλευσε χθὲς τὸ ἀτμόπλοιον «Ἀθηνᾶ» διὰ Σύρον. — Ἀνεχώρησεν ἐκ Πειραιῶς τὸ ἀτμόπλοιον «Ὀλυμπία». — Ἐκ Κέρκυρας ἐπιστρέφει τὸ «Ἰόνιον».

ΝΕΟΙ ΓΡΑΜΜΑΤΕΙΣ

Διὰ Βασ. Διατάγματος, δημοσιευθέντος εἰς τὸ φύλλον τῆς ἐφημερίδος τῆς Κυβερνήσεως τῆς 2ας Μαρτίου, διορίζονται γραμματεῖς εἰς τὰ διάφορα τμήματα τοῦ Ὑπουργείου οἱ κ. κ. Ἀλέξ. Κωνσταντινίδης, Γεώργ. Μαναριῶτης, Διονύσιος Σπυρόπουλος.

ΕΛΕΓΧΟΣ
ΕΙΣ ΤΗΝ ΔΙΕΥΘΥΝΣΙΝ ΤΗΣ ΑΣΤΥΝΟΜΙΑΣ

Τὴν πρωίαν χθὲς, συνοδευόμενος ὑπὸ τοῦ ἀνθυπολοχαγοῦ τοῦ Πυροβολικοῦ κ. Γεννάδη, μετέβησαν εἰς τὴν Διεύθυνσιν τῆς Ἀστυνομίας ὅπως ἀξιωματικοὶ τῆς Συμμαχικοῦ Ἐλέγχου. Οἱ κύριοι οὗτοι ἐξήτασαν λεπτομερῶς τὰ πράγματα καὶ ὡρίσθη ὅτι δὲν ὑφίσταται ζήτημα.

ΕΙΣ ΤΟΝ ΠΕΙΡΑΙΑ

Τὸ ἀπόγευμα τῆς χθὲς, ἐπιβαίνοντες αὐτοκινήτου, ἀνῆλθον εἰς τὸν Πειραιᾶ οἱ ἀξιωματικοὶ τοῦ Ἐλέγχου. Ἐπεσκέφθησαν τὸ Λιμεναρχεῖον καὶ τὴν Ἀστυνομικὴν Διεύθυνσιν, ὅπου ἐξήτασαν τὰ μέτρα.

ΜΟΝΟΝ ΑΙ ΛΑΜΠΑΙ ΑΣΕΤΥΛΙΝΗΣ
ΤΩΝ ΑΔΕΛΦΩΝ ΠΙΤΣΟΥ ΕΓΓΥΩΝΤΑΙ ΑΣΦΑΛΕΙΑΝ
Καὶ εἶναι ἐστερημέναι κακοσμίας. Εἰς τὸ ἄνω ἐργοστάσιον πωλοῦνται καὶ ἐξετάζονται.
22 — Περικλέους — 22
